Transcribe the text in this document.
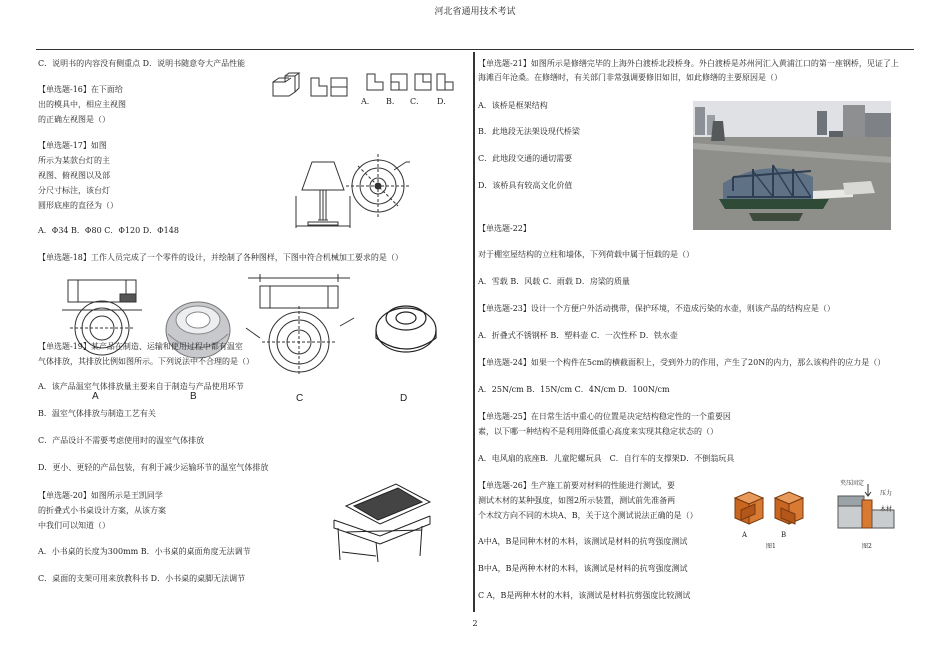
河北省通用技术考试
C．说明书的内容没有侧重点 D．说明书随意夸大产品性能
【单选题-16】在下面给
出的模具中，相应主视图
的正确左视图是（）
A． B． C． D．
【单选题-17】如图
所示为某款台灯的主
视图、俯视图以及部
分尺寸标注，该台灯
圆形底座的直径为（）
A．Φ34 B．Φ80 C．Φ120 D．Φ148
【单选题-18】工作人员完成了一个零件的设计，并绘制了各种图样，下图中符合机械加工要求的是（）
A	B	C	D
【单选题-19】某产品在制造、运输和使用过程中都有温室
气体排放，其排放比例如图所示。下列说法中不合理的是（）
A．该产品温室气体排放量主要来自于制造与产品使用环节
B．温室气体排放与制造工艺有关
C．产品设计不需要考虑使用时的温室气体排放
D．更小、更轻的产品包装，有利于减少运输环节的温室气体排放
【单选题-20】如图所示是王凯同学
的折叠式小书桌设计方案，从该方案
中我们可以知道（）
A．小书桌的长度为300mm B．小书桌的桌面角度无法调节
C．桌面的支架可用来放教科书 D．小书桌的桌脚无法调节
【单选题-21】如图所示是修缮完毕的上海外白渡桥北段桥身。外白渡桥是苏州河汇入黄浦江口的第一座钢桥，见证了上
海滩百年沧桑。在修缮时，有关部门非常强调要修旧如旧，如此修缮的主要原因是（）
A．该桥是框架结构
B．此地段无法架设现代桥梁
C．此地段交通的通切需要
D．该桥具有较高文化价值
【单选题-22】
对于棚室屋结构的立柱和墙体，下列荷载中属于恒载的是（）
A．雪载 B．风载 C．雨载 D．房梁的质量
【单选题-23】设计一个方便户外活动携带，保护环境，不造成污染的水壶，则该产品的结构应是（）
A．折叠式不锈钢杯 B．塑料壶 C．一次性杯 D．铁水壶
【单选题-24】如果一个构件在5cm的横截面积上，受到外力的作用，产生了20N的内力，那么该构件的应力是（）
A．25N/cm B．15N/cm C．4N/cm D．100N/cm
【单选题-25】在日常生活中重心的位置是决定结构稳定性的一个重要因
素，以下哪一种结构不是利用降低重心高度来实现其稳定状态的（）
A．电风扇的底座B．儿童陀螺玩具　C．自行车的支撑架D．不倒翁玩具
【单选题-26】生产施工前要对材料的性能进行测试，要
测试木材的某种强度，如图2所示装置，测试前先准备两
个木纹方向不同的木块A、B，关于这个测试说法正确的是（）
A	B
图1
夹压固定
压力
木材
图2
A中A，B是同种木材的木料，该测试是材料的抗弯强度测试
B中A，B是两种木材的木料，该测试是材料的抗弯强度测试
C A，B是两种木材的木料，该测试是材料抗剪强度比较测试
2
